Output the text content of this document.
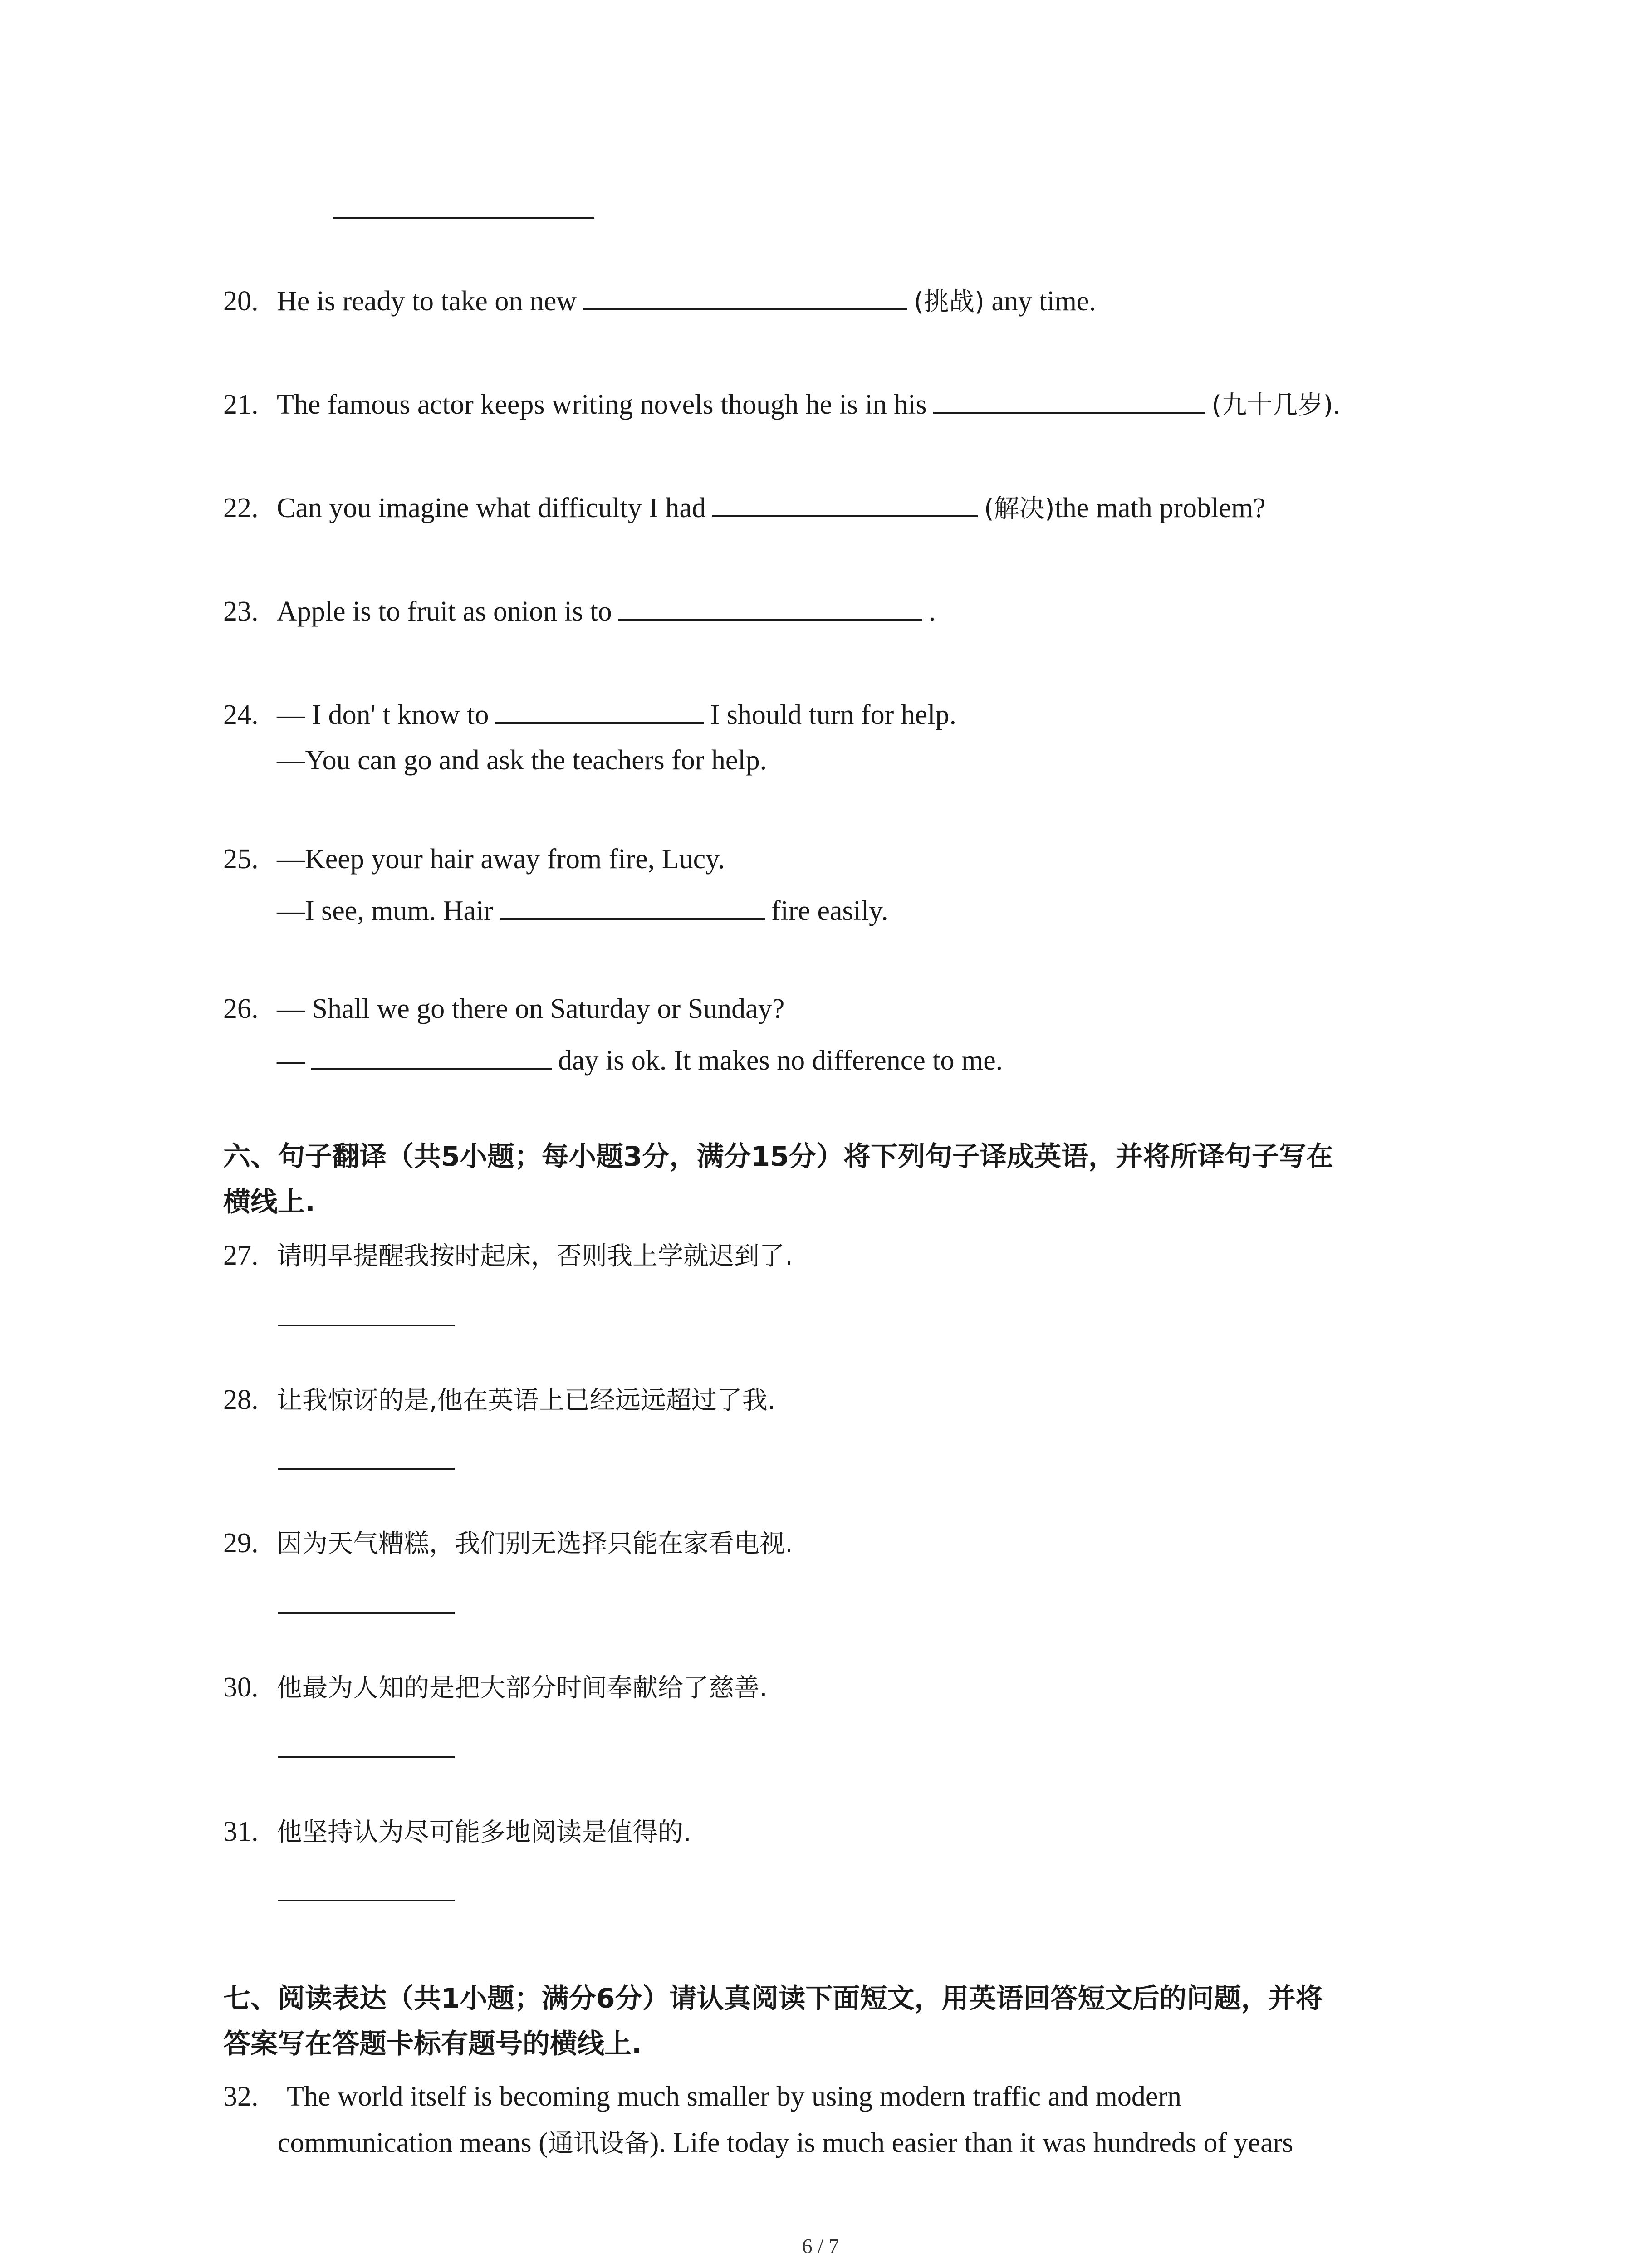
20. He is ready to take on new	(挑战) any time.
21. The famous actor keeps writing novels though he is in his	(九十几岁).
22. Can you imagine what difficulty I had	(解决)the math problem?
23. Apple is to fruit as onion is to	.
24. — I don' t know to	I should turn for help.
—You can go and ask the teachers for help.
25. —Keep your hair away from fire, Lucy.
—I see, mum. Hair	fire easily.
26. — Shall we go there on Saturday or Sunday?
—	day is ok. It makes no difference to me.
六、句子翻译（共5小题；每小题3分，满分15分）将下列句子译成英语，并将所译句子写在
横线上.
27. 请明早提醒我按时起床，否则我上学就迟到了.
28. 让我惊讶的是,他在英语上已经远远超过了我.
29. 因为天气糟糕，我们别无选择只能在家看电视.
30. 他最为人知的是把大部分时间奉献给了慈善.
31. 他坚持认为尽可能多地阅读是值得的.
七、阅读表达（共1小题；满分6分）请认真阅读下面短文，用英语回答短文后的问题，并将
答案写在答题卡标有题号的横线上.
32. The world itself is becoming much smaller by using modern traffic and modern
communication means (通讯设备). Life today is much easier than it was hundreds of years
6 / 7
